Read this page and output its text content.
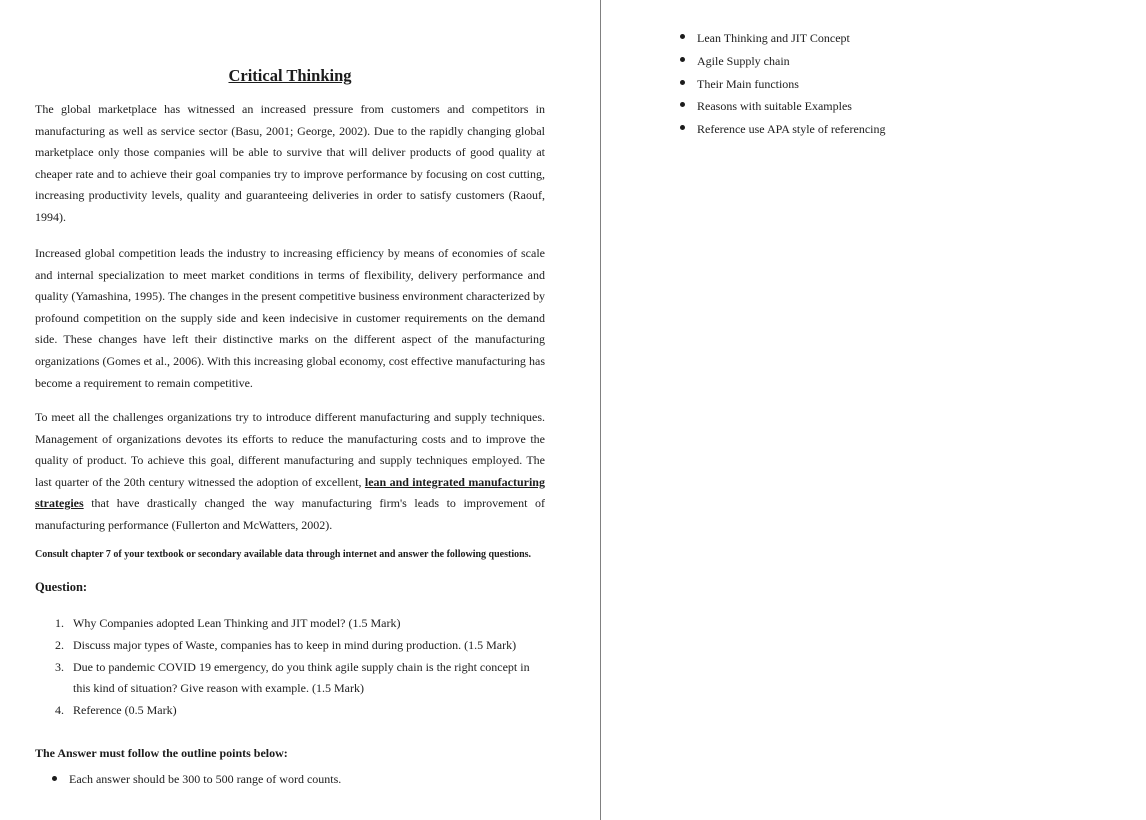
Critical Thinking

The global marketplace has witnessed an increased pressure from customers and competitors in manufacturing as well as service sector (Basu, 2001; George, 2002). Due to the rapidly changing global marketplace only those companies will be able to survive that will deliver products of good quality at cheaper rate and to achieve their goal companies try to improve performance by focusing on cost cutting, increasing productivity levels, quality and guaranteeing deliveries in order to satisfy customers (Raouf, 1994).

Increased global competition leads the industry to increasing efficiency by means of economies of scale and internal specialization to meet market conditions in terms of flexibility, delivery performance and quality (Yamashina, 1995). The changes in the present competitive business environment characterized by profound competition on the supply side and keen indecisive in customer requirements on the demand side. These changes have left their distinctive marks on the different aspect of the manufacturing organizations (Gomes et al., 2006). With this increasing global economy, cost effective manufacturing has become a requirement to remain competitive.

To meet all the challenges organizations try to introduce different manufacturing and supply techniques. Management of organizations devotes its efforts to reduce the manufacturing costs and to improve the quality of product. To achieve this goal, different manufacturing and supply techniques employed. The last quarter of the 20th century witnessed the adoption of excellent, lean and integrated manufacturing strategies that have drastically changed the way manufacturing firm's leads to improvement of manufacturing performance (Fullerton and McWatters, 2002).

Consult chapter 7 of your textbook or secondary available data through internet and answer the following questions.

Question:

1. Why Companies adopted Lean Thinking and JIT model? (1.5 Mark)
2. Discuss major types of Waste, companies has to keep in mind during production. (1.5 Mark)
3. Due to pandemic COVID 19 emergency, do you think agile supply chain is the right concept in this kind of situation? Give reason with example. (1.5 Mark)
4. Reference (0.5 Mark)

The Answer must follow the outline points below:

Each answer should be 300 to 500 range of word counts.
Lean Thinking and JIT Concept
Agile Supply chain
Their Main functions
Reasons with suitable Examples
Reference use APA style of referencing
